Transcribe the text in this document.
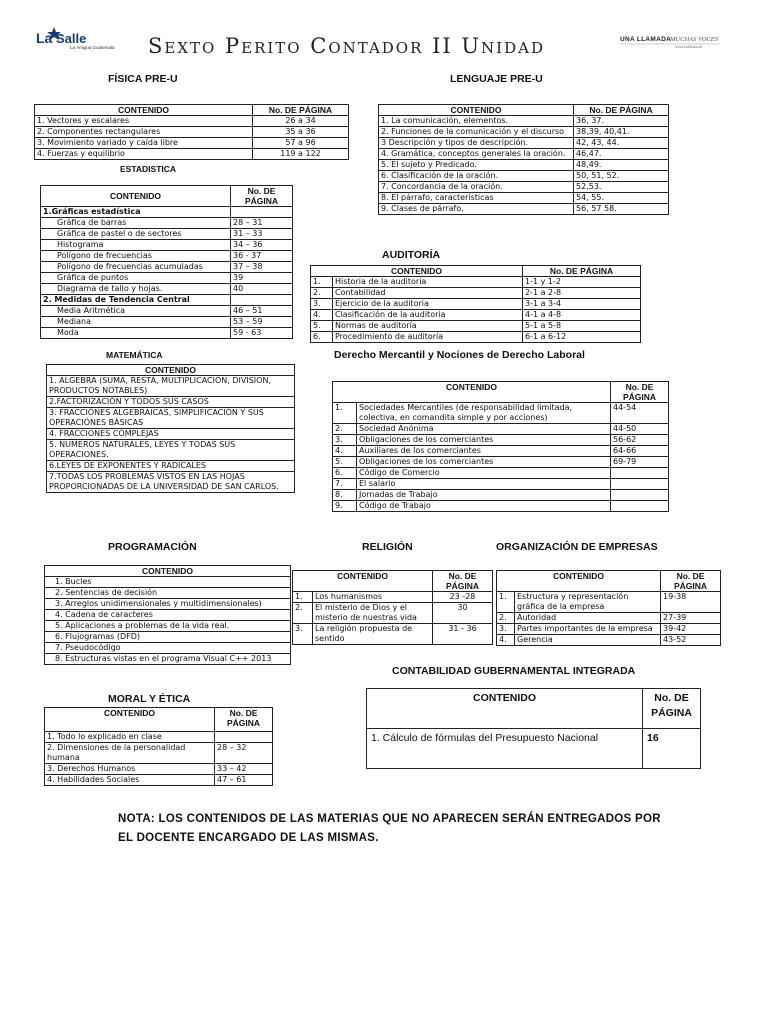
La Salle
La Antigua Guatemala Sexto Perito Contador II Unidad	UNA LLAMADA
MUCHAS VOCES
lema institucional
FÍSICA PRE-U
CONTENIDO	No. DE PÁGINA
1. Vectores y escalares	26 a 34
2. Componentes rectangulares	35 a 36
3. Movimiento variado y caída libre	57 a 96
4. Fuerzas y equilibrio	119 a 122
ESTADISTICA
CONTENIDO	No. DE PÁGINA
1.Gráficas estadística	
Gráfica de barras	28 – 31
Gráfica de pastel o de sectores	31 – 33
Histograma	34 – 36
Polígono de frecuencias	36 - 37
Polígono de frecuencias acumuladas	37 – 38
Gráfica de puntos	39
Diagrama de tallo y hojas.	40
2. Medidas de Tendencia Central	
Media Aritmética	46 – 51
Mediana	53 – 59
Moda	59 - 63
LENGUAJE PRE-U
CONTENIDO	No. DE PÁGINA
1. La comunicación, elementos.	36, 37.
2. Funciones de la comunicación y el discurso	38,39, 40,41.
3 Descripción y tipos de descripción.	42, 43, 44.
4. Gramática, conceptos generales la oración.	46,47.
5. El sujeto y Predicado.	48,49.
6. Clasificación de la oración.	50, 51, 52.
7. Concordancia de la oración.	52,53.
8. El párrafo, características	54, 55.
9. Clases de párrafo.	56, 57 58.
AUDITORÍA
CONTENIDO		No. DE PÁGINA
1.	Historia de la auditoria	1-1 y 1-2
2.	Contabilidad	2-1 a 2-8
3.	Ejercicio de la auditoria	3-1 a 3-4
4.	Clasificación de la auditoria	4-1 a 4-8
5.	Normas de auditoría	5-1 a 5-8
6.	Procedimiento de auditoría	6-1 a 6-12
MATEMÁTICA
CONTENIDO
1. ALGEBRA (SUMA, RESTA, MULTIPLICACIÓN, DIVISION, PRODUCTOS NOTABLES)
2.FACTORIZACIÓN Y TODOS SUS CASOS
3. FRACCIÓNES ALGEBRAICAS, SIMPLIFICACIÓN Y SUS OPERACIÓNES BÁSICAS
4. FRACCIONES COMPLEJAS
5. NUMEROS NATURALES, LEYES Y TODAS SUS OPERACIONES.
6.LEYES DE EXPONENTES Y RADICALES
7.TODAS LOS PROBLEMAS VISTOS EN LAS HOJAS PROPORCIONADAS DE LA UNIVERSIDAD DE SAN CARLOS.
Derecho Mercantil y Nociones de Derecho Laboral
CONTENIDO		No. DE PÁGINA
1.	Sociedades Mercantiles (de responsabilidad limitada, colectiva, en comandita simple y por acciones)	44-54
2.	Sociedad Anónima	44-50
3.	Obligaciones de los comerciantes	56-62
4.	Auxiliares de los comerciantes	64-66
5.	Obligaciones de los comerciantes	69-79
6.	Código de Comercio	
7.	El salario	
8.	Jornadas de Trabajo	
9.	Código de Trabajo	
PROGRAMACIÓN
CONTENIDO
1. Bucles
2. Sentencias de decisión
3. Arreglos unidimensionales y multidimensionales)
4. Cadena de caracteres
5. Aplicaciones a problemas de la vida real.
6. Flujogramas (DFD)
7. Pseudocódigo
8. Estructuras vistas en el programa Visual C++ 2013
RELIGIÓN
CONTENIDO		No. DE PÁGINA
1.	Los humanismos	23 -28
2.	El misterio de Dios y el misterio de nuestras vida	30
3.	La religión propuesta de sentido	31 - 36
ORGANIZACIÓN DE EMPRESAS
CONTENIDO		No. DE PÁGINA
1.	Estructura y representación gráfica de la empresa	19-38
2.	Autoridad	27-39
3.	Partes importantes de la empresa	39-42
4.	Gerencia	43-52
CONTABILIDAD GUBERNAMENTAL INTEGRADA
CONTENIDO	No. DE PÁGINA
1. Cálculo de fórmulas del Presupuesto Nacional	16
MORAL Y ÉTICA
CONTENIDO	No. DE PÁGINA
1. Todo lo explicado en clase	
2. Dimensiones de la personalidad humana	28 – 32
3. Derechos Humanos	33 – 42
4. Habilidades Sociales	47 – 61
NOTA: LOS CONTENIDOS DE LAS MATERIAS QUE NO APARECEN SERÁN ENTREGADOS POR EL DOCENTE ENCARGADO DE LAS MISMAS.
